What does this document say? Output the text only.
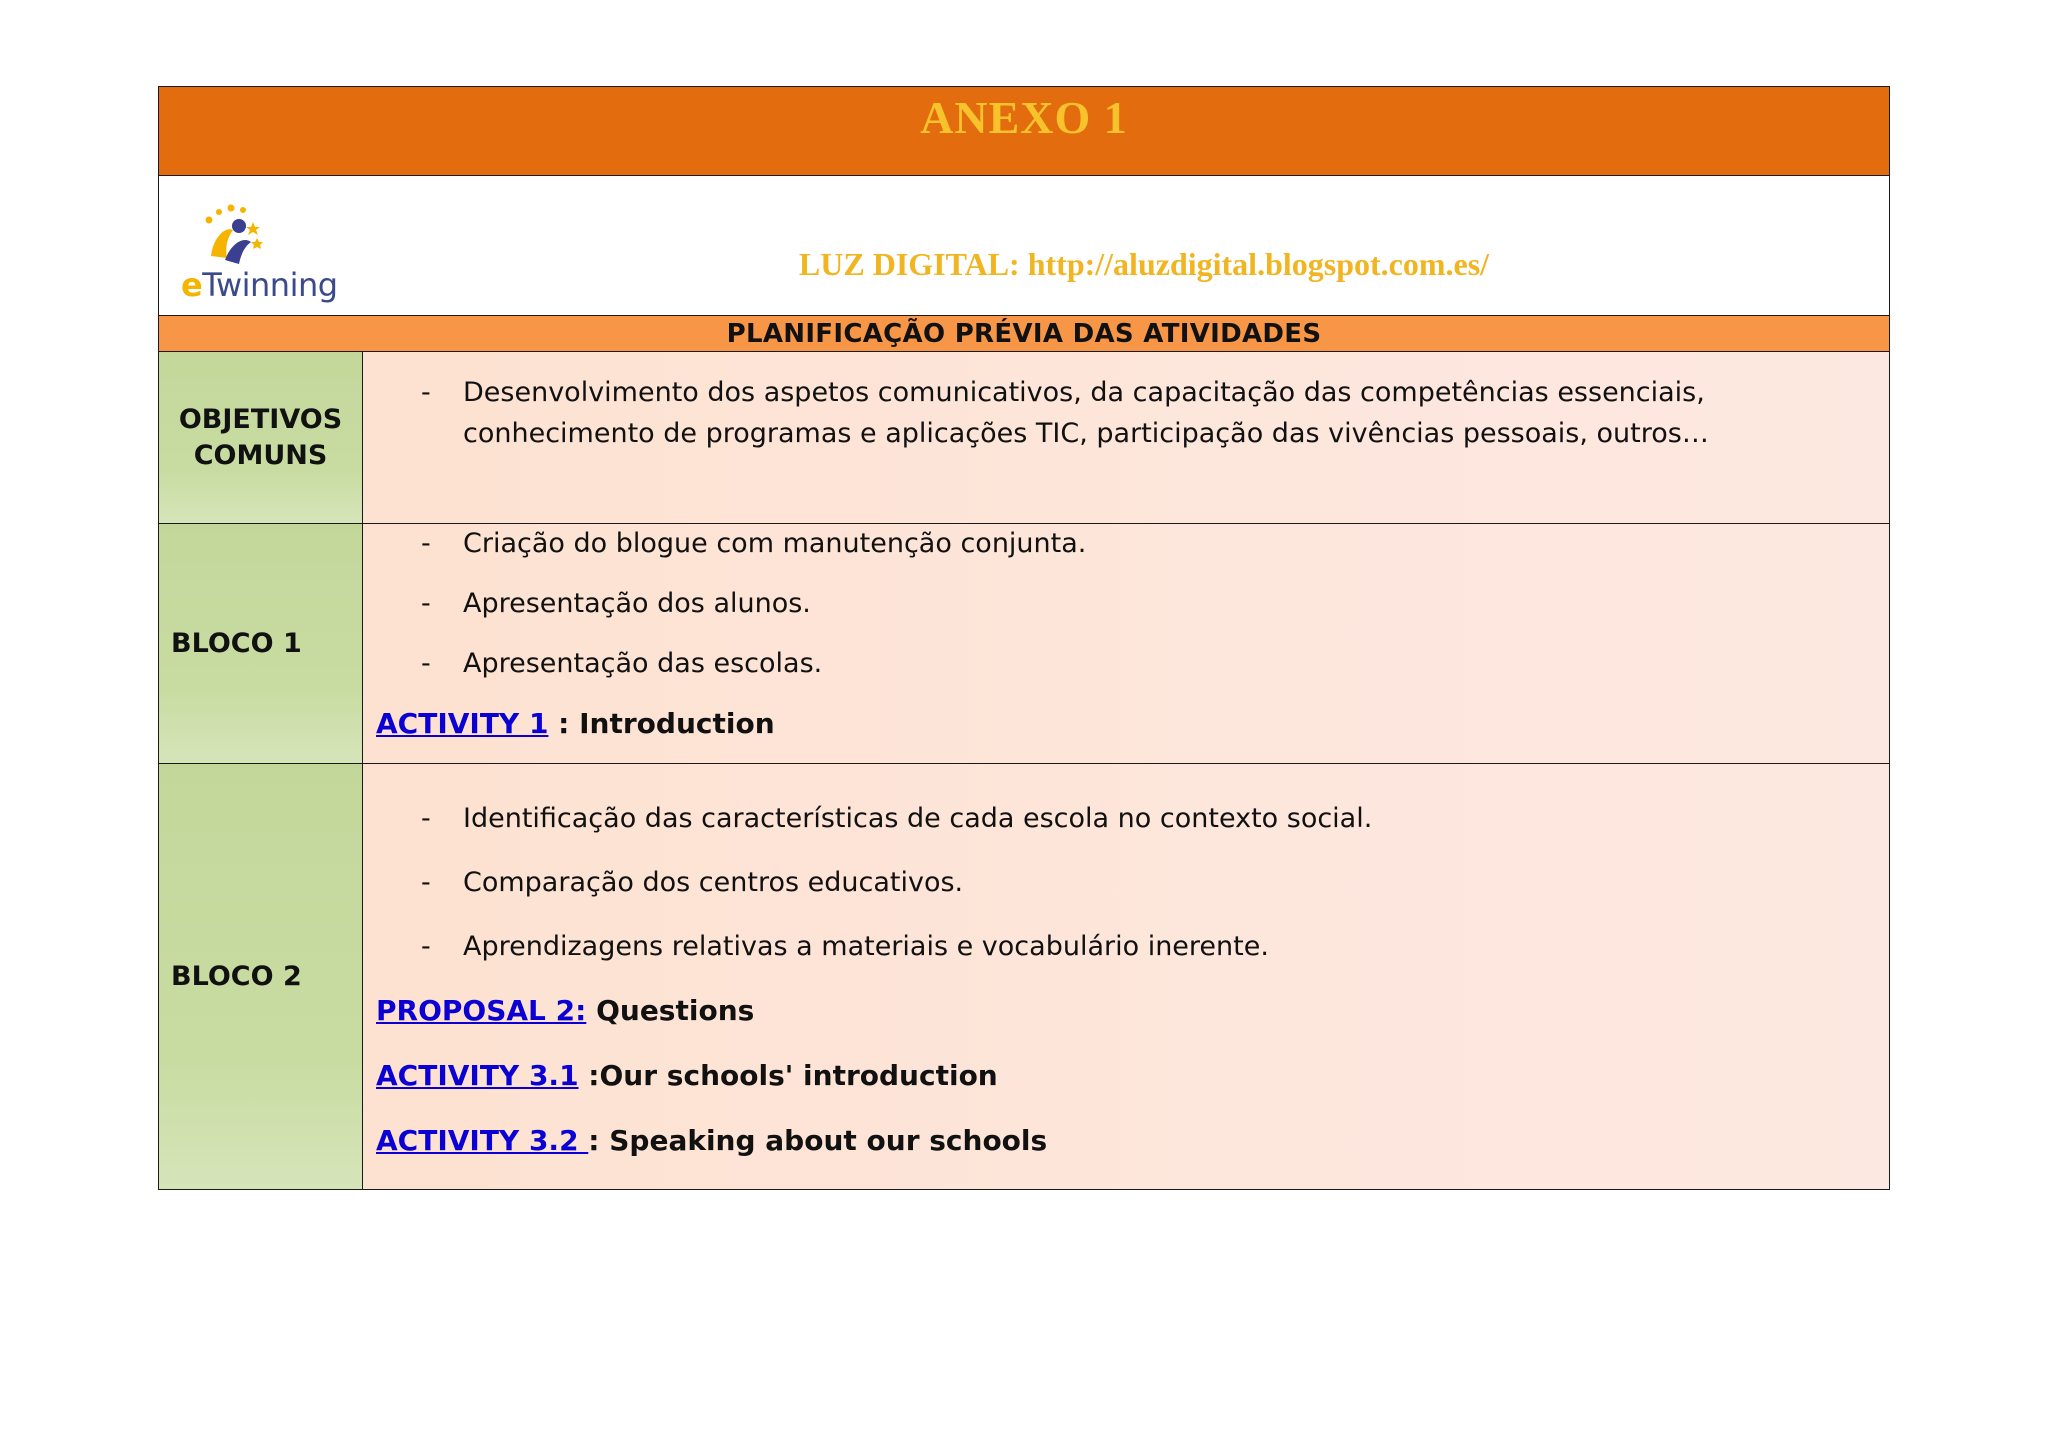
ANEXO 1
eTwinning
LUZ DIGITAL: http://aluzdigital.blogspot.com.es/
PLANIFICAÇÃO PRÉVIA DAS ATIVIDADES
OBJETIVOS
COMUNS
- Desenvolvimento dos aspetos comunicativos, da capacitação das competências essenciais, conhecimento de programas e aplicações TIC, participação das vivências pessoais, outros…
BLOCO 1
- Criação do blogue com manutenção conjunta.
- Apresentação dos alunos.
- Apresentação das escolas.
ACTIVITY 1 : Introduction
BLOCO 2
- Identificação das características de cada escola no contexto social.
- Comparação dos centros educativos.
- Aprendizagens relativas a materiais e vocabulário inerente.
PROPOSAL 2: Questions
ACTIVITY 3.1 :Our schools' introduction
ACTIVITY 3.2 : Speaking about our schools
